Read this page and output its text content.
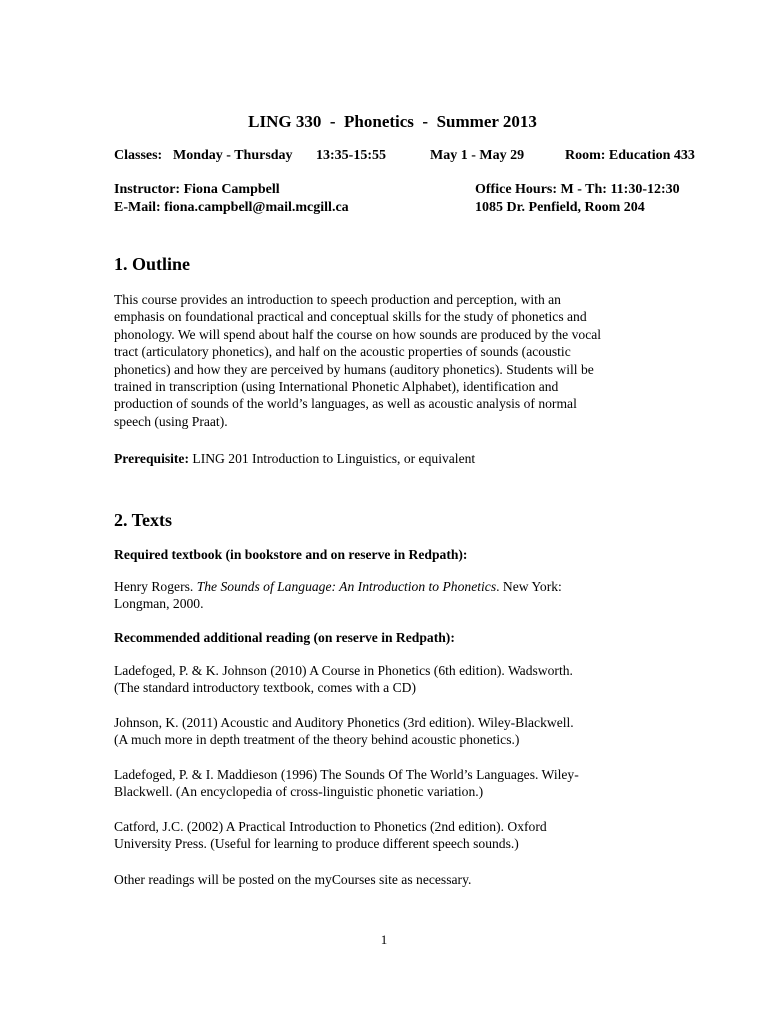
LING 330 - Phonetics - Summer 2013

Classes: Monday - Thursday 13:35-15:55	May 1 - May 29	Room: Education 433
Instructor: Fiona Campbell	Office Hours: M - Th: 11:30-12:30
E-Mail: fiona.campbell@mail.mcgill.ca	1085 Dr. Penfield, Room 204
1. Outline
This course provides an introduction to speech production and perception, with an
emphasis on foundational practical and conceptual skills for the study of phonetics and
phonology. We will spend about half the course on how sounds are produced by the vocal
tract (articulatory phonetics), and half on the acoustic properties of sounds (acoustic
phonetics) and how they are perceived by humans (auditory phonetics). Students will be
trained in transcription (using International Phonetic Alphabet), identification and
production of sounds of the world’s languages, as well as acoustic analysis of normal
speech (using Praat).
Prerequisite: LING 201 Introduction to Linguistics, or equivalent
2. Texts
Required textbook (in bookstore and on reserve in Redpath):
Henry Rogers. The Sounds of Language: An Introduction to Phonetics. New York:
Longman, 2000.
Recommended additional reading (on reserve in Redpath):
Ladefoged, P. & K. Johnson (2010) A Course in Phonetics (6th edition). Wadsworth.
(The standard introductory textbook, comes with a CD)
Johnson, K. (2011) Acoustic and Auditory Phonetics (3rd edition). Wiley-Blackwell.
(A much more in depth treatment of the theory behind acoustic phonetics.)
Ladefoged, P. & I. Maddieson (1996) The Sounds Of The World’s Languages. Wiley-
Blackwell. (An encyclopedia of cross-linguistic phonetic variation.)
Catford, J.C. (2002) A Practical Introduction to Phonetics (2nd edition). Oxford
University Press. (Useful for learning to produce different speech sounds.)
Other readings will be posted on the myCourses site as necessary.
1
